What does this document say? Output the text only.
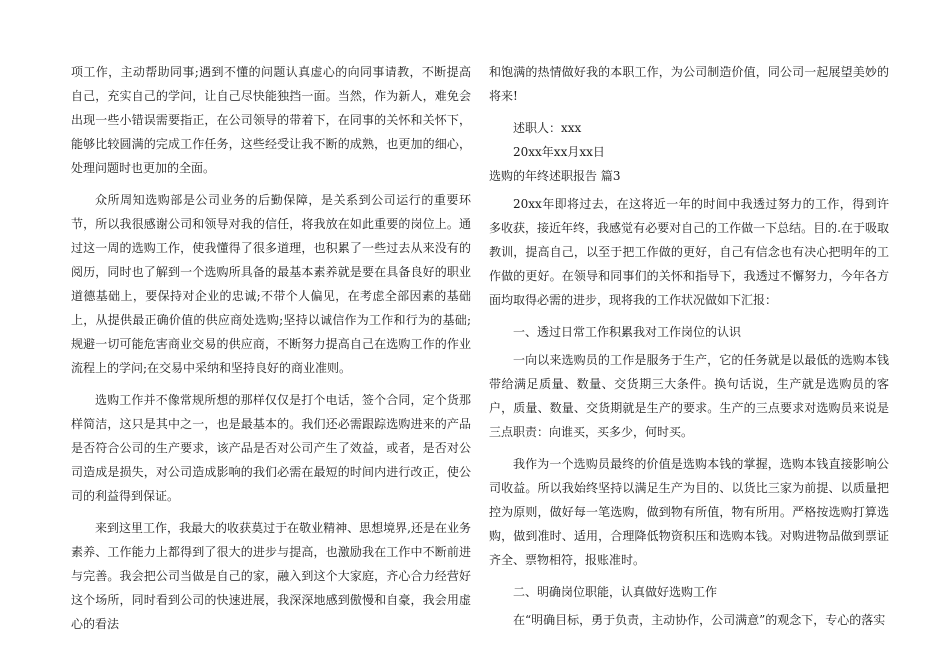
项工作，主动帮助同事;遇到不懂的问题认真虚心的向同事请教，不断提高自己，充实自己的学问，让自己尽快能独挡一面。当然，作为新人，难免会出现一些小错误需要指正，在公司领导的带着下，在同事的关怀和关怀下，能够比较圆满的完成工作任务，这些经受让我不断的成熟，也更加的细心，处理问题时也更加的全面。

众所周知选购部是公司业务的后勤保障，是关系到公司运行的重要环节，所以我很感谢公司和领导对我的信任，将我放在如此重要的岗位上。通过这一周的选购工作，使我懂得了很多道理，也积累了一些过去从来没有的阅历，同时也了解到一个选购所具备的最基本素养就是要在具备良好的职业道德基础上，要保持对企业的忠诚;不带个人偏见，在考虑全部因素的基础上，从提供最正确价值的供应商处选购;坚持以诚信作为工作和行为的基础;规避一切可能危害商业交易的供应商，不断努力提高自己在选购工作的作业流程上的学问;在交易中采纳和坚持良好的商业准则。

选购工作并不像常规所想的那样仅仅是打个电话，签个合同，定个货那样简洁，这只是其中之一，也是最基本的。我们还必需跟踪选购进来的产品是否符合公司的生产要求，该产品是否对公司产生了效益，或者，是否对公司造成是损失，对公司造成影响的我们必需在最短的时间内进行改正，使公司的利益得到保证。

来到这里工作，我最大的收获莫过于在敬业精神、思想境界,还是在业务素养、工作能力上都得到了很大的进步与提高，也激励我在工作中不断前进与完善。我会把公司当做是自己的家，融入到这个大家庭，齐心合力经营好这个场所，同时看到公司的快速进展，我深深地感到傲慢和自豪，我会用虚心的看法

和饱满的热情做好我的本职工作，为公司制造价值，同公司一起展望美妙的将来!

述职人：xxx

20xx年xx月xx日

选购的年终述职报告 篇3

20xx年即将过去，在这将近一年的时间中我透过努力的工作，得到许多收获，接近年终，我感觉有必要对自己的工作做一下总结。目的.在于吸取教训，提高自己，以至于把工作做的更好，自己有信念也有决心把明年的工作做的更好。在领导和同事们的关怀和指导下，我透过不懈努力，今年各方面均取得必需的进步，现将我的工作状况做如下汇报：

一、透过日常工作积累我对工作岗位的认识

一向以来选购员的工作是服务于生产，它的任务就是以最低的选购本钱带给满足质量、数量、交货期三大条件。换句话说，生产就是选购员的客户，质量、数量、交货期就是生产的要求。生产的三点要求对选购员来说是三点职责：向谁买，买多少，何时买。

我作为一个选购员最终的价值是选购本钱的掌握，选购本钱直接影响公司收益。所以我始终坚持以满足生产为目的、以货比三家为前提、以质量把控为原则，做好每一笔选购，做到物有所值，物有所用。严格按选购打算选购，做到准时、适用，合理降低物资积压和选购本钱。对购进物品做到票证齐全、票物相符，报账准时。

二、明确岗位职能，认真做好选购工作

在“明确目标，勇于负责，主动协作，公司满意”的观念下，专心的落实
